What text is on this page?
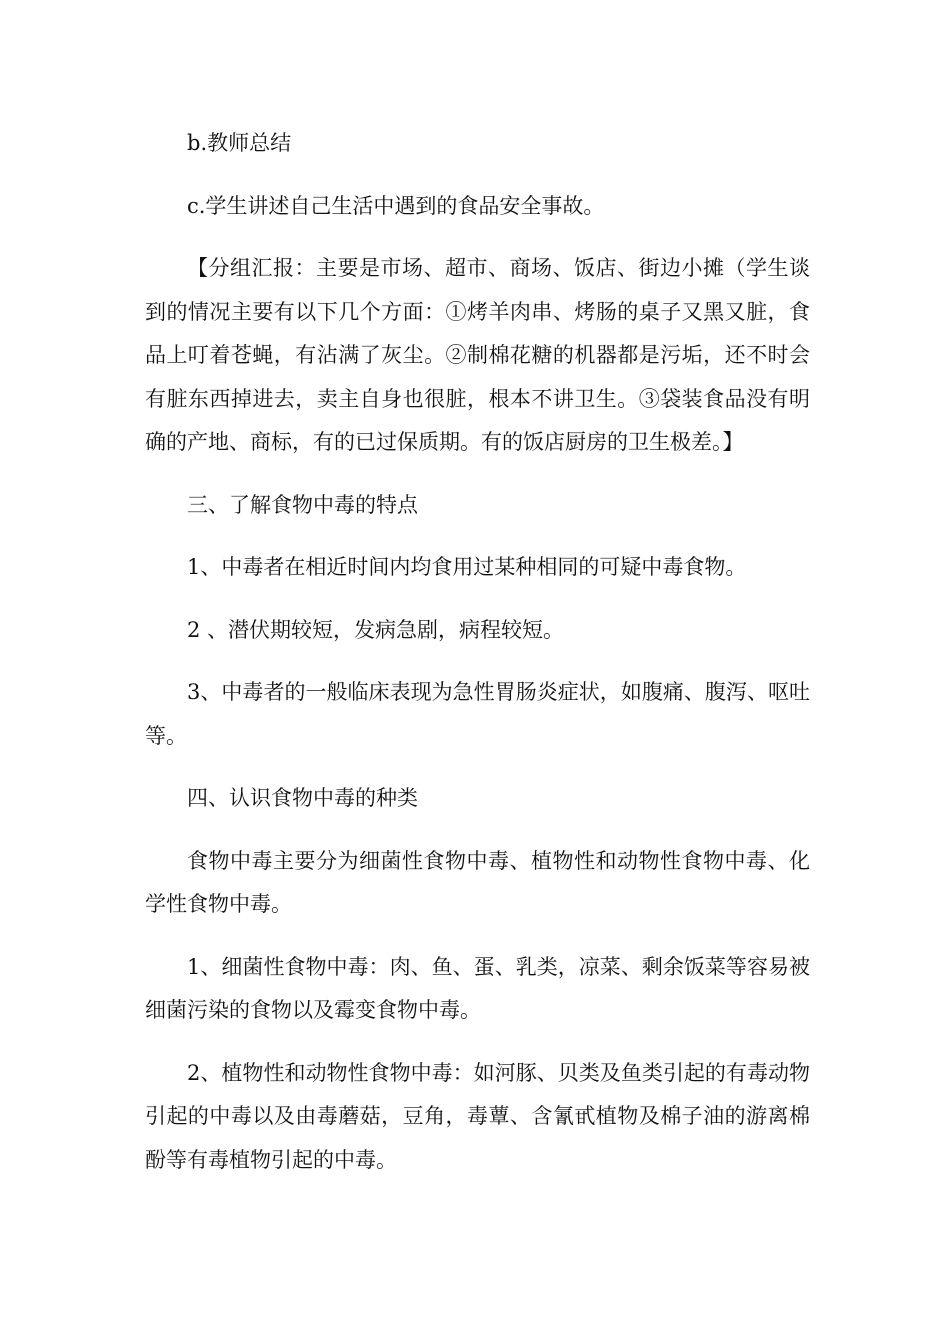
b.教师总结

c.学生讲述自己生活中遇到的食品安全事故。

【分组汇报：主要是市场、超市、商场、饭店、街边小摊（学生谈到的情况主要有以下几个方面：①烤羊肉串、烤肠的桌子又黑又脏，食品上叮着苍蝇，有沾满了灰尘。②制棉花糖的机器都是污垢，还不时会有脏东西掉进去，卖主自身也很脏，根本不讲卫生。③袋装食品没有明确的产地、商标，有的已过保质期。有的饭店厨房的卫生极差。】

三、了解食物中毒的特点

1、中毒者在相近时间内均食用过某种相同的可疑中毒食物。

2 、潜伏期较短，发病急剧，病程较短。

3、中毒者的一般临床表现为急性胃肠炎症状，如腹痛、腹泻、呕吐等。

四、认识食物中毒的种类

食物中毒主要分为细菌性食物中毒、植物性和动物性食物中毒、化学性食物中毒。

1、细菌性食物中毒：肉、鱼、蛋、乳类，凉菜、剩余饭菜等容易被细菌污染的食物以及霉变食物中毒。

2、植物性和动物性食物中毒：如河豚、贝类及鱼类引起的有毒动物引起的中毒以及由毒蘑菇，豆角，毒蕈、含氰甙植物及棉子油的游离棉酚等有毒植物引起的中毒。
